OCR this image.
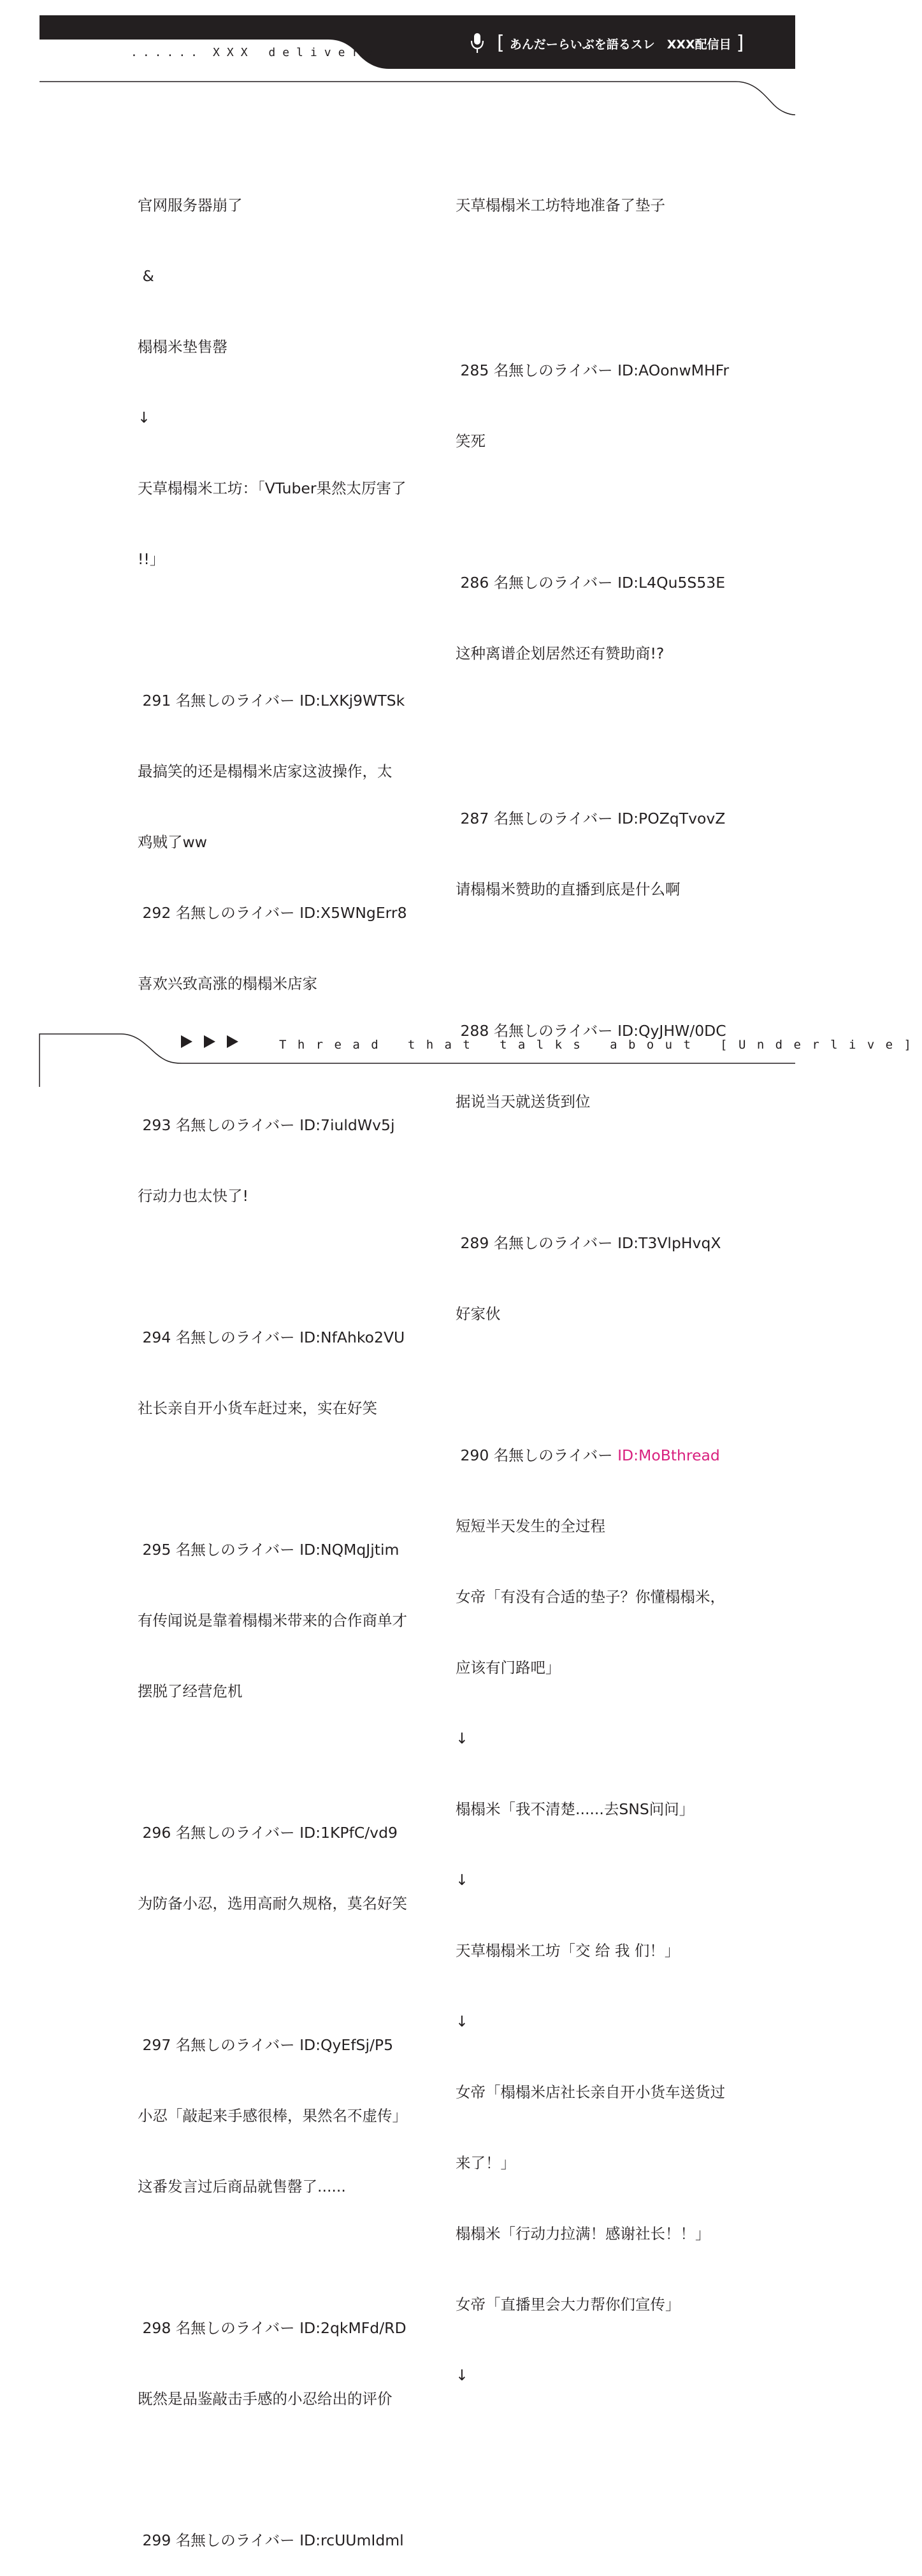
...... XXX delivery	[ あんだーらいぶを語るスレ　XXX配信目 ]

官网服务器崩了

&

榻榻米垫售罄

↓

天草榻榻米工坊：「VTuber果然太厉害了

!!」

291 名無しのライバー ID:LXKj9WTSk

最搞笑的还是榻榻米店家这波操作，太

鸡贼了ww

292 名無しのライバー ID:X5WNgErr8

喜欢兴致高涨的榻榻米店家

293 名無しのライバー ID:7iuldWv5j

行动力也太快了!

294 名無しのライバー ID:NfAhko2VU

社长亲自开小货车赶过来，实在好笑

295 名無しのライバー ID:NQMqJjtim

有传闻说是靠着榻榻米带来的合作商单才

摆脱了经营危机

296 名無しのライバー ID:1KPfC/vd9

为防备小忍，选用高耐久规格，莫名好笑

297 名無しのライバー ID:QyEfSj/P5

小忍「敲起来手感很棒，果然名不虚传」

这番发言过后商品就售罄了......

298 名無しのライバー ID:2qkMFd/RD

既然是品鉴敲击手感的小忍给出的评价

299 名無しのライバー ID:rcUUmIdml

天草榻榻米工坊特地准备了垫子

285 名無しのライバー ID:AOonwMHFr

笑死

286 名無しのライバー ID:L4Qu5S53E

这种离谱企划居然还有赞助商!?

287 名無しのライバー ID:POZqTvovZ

请榻榻米赞助的直播到底是什么啊

288 名無しのライバー ID:QyJHW/0DC

据说当天就送货到位

289 名無しのライバー ID:T3VlpHvqX

好家伙

290 名無しのライバー ID:MoBthread

短短半天发生的全过程

女帝「有没有合适的垫子？你懂榻榻米，

应该有门路吧」

↓

榻榻米「我不清楚......去SNS问问」

↓

天草榻榻米工坊「交 给 我 们！」

↓

女帝「榻榻米店社长亲自开小货车送货过

来了！」

榻榻米「行动力拉满！感谢社长！！」

女帝「直播里会大力帮你们宣传」

↓

Thread that talks about [Underlive]
